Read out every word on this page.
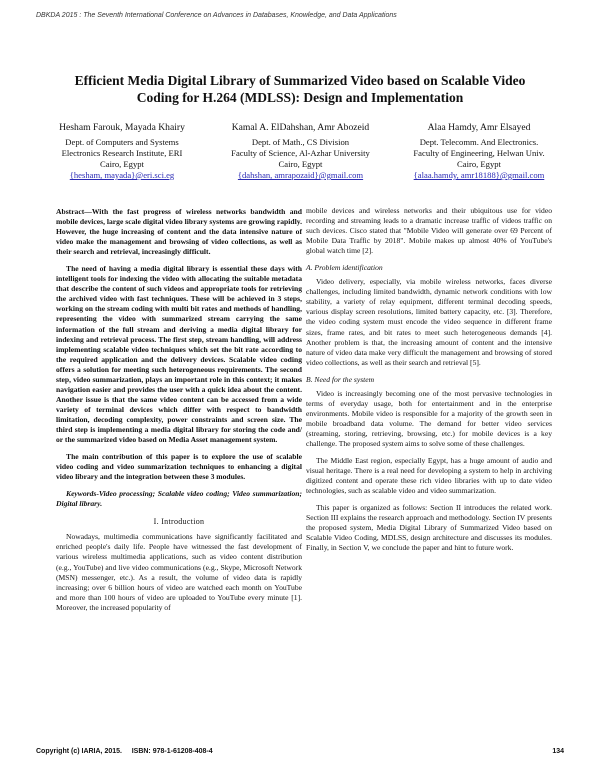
DBKDA 2015 : The Seventh International Conference on Advances in Databases, Knowledge, and Data Applications
Efficient Media Digital Library of Summarized Video based on Scalable Video Coding for H.264 (MDLSS): Design and Implementation
Hesham Farouk, Mayada Khairy
Dept. of Computers and Systems
Electronics Research Institute, ERI
Cairo, Egypt
{hesham, mayada}@eri.sci.eg
Kamal A. ElDahshan, Amr Abozeid
Dept. of Math., CS Division
Faculty of Science, Al-Azhar University
Cairo, Egypt
{dahshan, amrapozaid}@gmail.com
Alaa Hamdy, Amr Elsayed
Dept. Telecomm. And Electronics.
Faculty of Engineering, Helwan Univ.
Cairo, Egypt
{alaa.hamdy, amr18188}@gmail.com

Abstract—With the fast progress of wireless networks bandwidth and mobile devices, large scale digital video library systems are growing rapidly. However, the huge increasing of content and the data intensive nature of video make the management and browsing of video collections, as well as their search and retrieval, increasingly difficult.

The need of having a media digital library is essential these days with intelligent tools for indexing the video with allocating the suitable metadata that describe the content of such videos and appropriate tools for retrieving the archived video with fast techniques. These will be achieved in 3 steps, working on the stream coding with multi bit rates and methods of handling, representing the video with summarized stream carrying the same information of the full stream and deriving a media digital library for indexing and retrieval process. The first step, stream handling, will address implementing scalable video techniques which set the bit rate according to the required application and the delivery devices. Scalable video coding offers a solution for meeting such heterogeneous requirements. The second step, video summarization, plays an important role in this context; it makes navigation easier and provides the user with a quick idea about the content. Another issue is that the same video content can be accessed from a wide variety of terminal devices which differ with respect to bandwidth limitation, decoding complexity, power constraints and screen size. The third step is implementing a media digital library for storing the code and/ or the summarized video based on Media Asset management system.

The main contribution of this paper is to explore the use of scalable video coding and video summarization techniques to enhancing a digital video library and the integration between these 3 modules.

Keywords-Video processing; Scalable video coding; Video summarization; Digital library.

I. Introduction

Nowadays, multimedia communications have significantly facilitated and enriched people's daily life. People have witnessed the fast development of various wireless multimedia applications, such as video content distribution (e.g., YouTube) and live video communications (e.g., Skype, Microsoft Network (MSN) messenger, etc.). As a result, the volume of video data is rapidly increasing; over 6 billion hours of video are watched each month on YouTube and more than 100 hours of video are uploaded to YouTube every minute [1]. Moreover, the increased popularity of

mobile devices and wireless networks and their ubiquitous use for video recording and streaming leads to a dramatic increase traffic of videos traffic on such devices. Cisco stated that "Mobile Video will generate over 69 Percent of Mobile Data Traffic by 2018". Mobile makes up almost 40% of YouTube's global watch time [2].

A. Problem identification

Video delivery, especially, via mobile wireless networks, faces diverse challenges, including limited bandwidth, dynamic network conditions with low stability, a variety of relay equipment, different terminal decoding speeds, various display screen resolutions, limited battery capacity, etc. [3]. Therefore, the video coding system must encode the video sequence in different frame sizes, frame rates, and bit rates to meet such heterogeneous demands [4]. Another problem is that, the increasing amount of content and the intensive nature of video data make very difficult the management and browsing of stored video collections, as well as their search and retrieval [5].

B. Need for the system

Video is increasingly becoming one of the most pervasive technologies in terms of everyday usage, both for entertainment and in the enterprise environments. Mobile video is responsible for a majority of the growth seen in mobile broadband data volume. The demand for better video services (streaming, storing, retrieving, browsing, etc.) for mobile devices is a key challenge. The proposed system aims to solve some of these challenges.

The Middle East region, especially Egypt, has a huge amount of audio and visual heritage. There is a real need for developing a system to help in archiving digitized content and operate these rich video libraries with up to date video technologies, such as scalable video and video summarization.

This paper is organized as follows: Section II introduces the related work. Section III explains the research approach and methodology. Section IV presents the proposed system, Media Digital Library of Summarized Video based on Scalable Video Coding, MDLSS, design architecture and discusses its modules. Finally, in Section V, we conclude the paper and hint to future work.

Copyright (c) IARIA, 2015. ISBN: 978-1-61208-408-4	134
